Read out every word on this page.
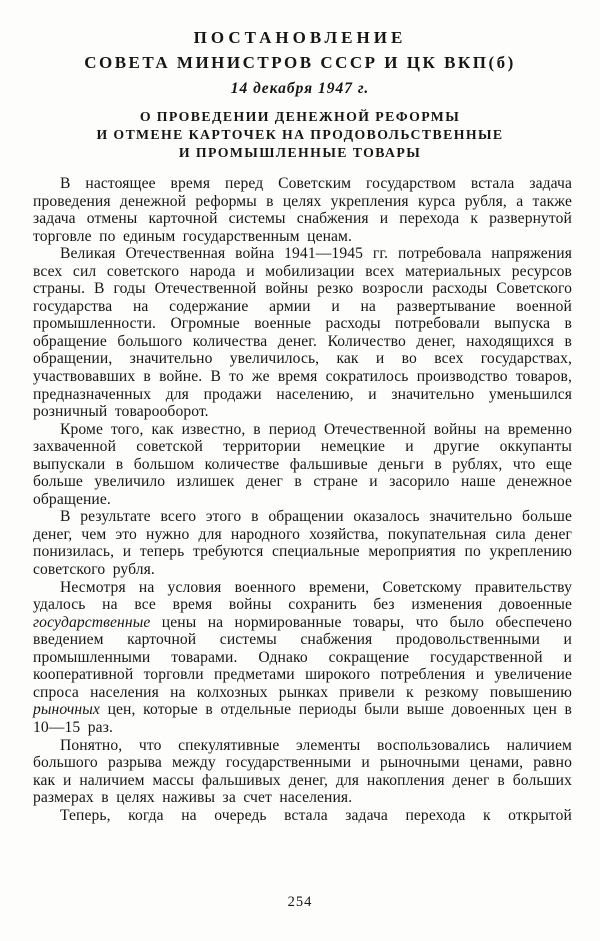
ПОСТАНОВЛЕНИЕ
СОВЕТА МИНИСТРОВ СССР И ЦК ВКП(б)
14 декабря 1947 г.
О ПРОВЕДЕНИИ ДЕНЕЖНОЙ РЕФОРМЫ
И ОТМЕНЕ КАРТОЧЕК НА ПРОДОВОЛЬСТВЕННЫЕ
И ПРОМЫШЛЕННЫЕ ТОВАРЫ

В настоящее время перед Советским государством встала задача проведения денежной реформы в целях укрепления курса рубля, а также задача отмены карточной системы снабжения и перехода к развернутой торговле по единым государственным ценам.

Великая Отечественная война 1941—1945 гг. потребовала напряжения всех сил советского народа и мобилизации всех материальных ресурсов страны. В годы Отечественной войны резко возросли расходы Советского государства на содержание армии и на развертывание военной промышленности. Огромные военные расходы потребовали выпуска в обращение большого количества денег. Количество денег, находящихся в обращении, значительно увеличилось, как и во всех государствах, участвовавших в войне. В то же время сократилось производство товаров, предназначенных для продажи населению, и значительно уменьшился розничный товарооборот.

Кроме того, как известно, в период Отечественной войны на временно захваченной советской территории немецкие и другие оккупанты выпускали в большом количестве фальшивые деньги в рублях, что еще больше увеличило излишек денег в стране и засорило наше денежное обращение.

В результате всего этого в обращении оказалось значительно больше денег, чем это нужно для народного хозяйства, покупательная сила денег понизилась, и теперь требуются специальные мероприятия по укреплению советского рубля.

Несмотря на условия военного времени, Советскому правительству удалось на все время войны сохранить без изменения довоенные государственные цены на нормированные товары, что было обеспечено введением карточной системы снабжения продовольственными и промышленными товарами. Однако сокращение государственной и кооперативной торговли предметами широкого потребления и увеличение спроса населения на колхозных рынках привели к резкому повышению рыночных цен, которые в отдельные периоды были выше довоенных цен в 10—15 раз.

Понятно, что спекулятивные элементы воспользовались наличием большого разрыва между государственными и рыночными ценами, равно как и наличием массы фальшивых денег, для накопления денег в больших размерах в целях наживы за счет населения.

Теперь, когда на очередь встала задача перехода к открытой

254
